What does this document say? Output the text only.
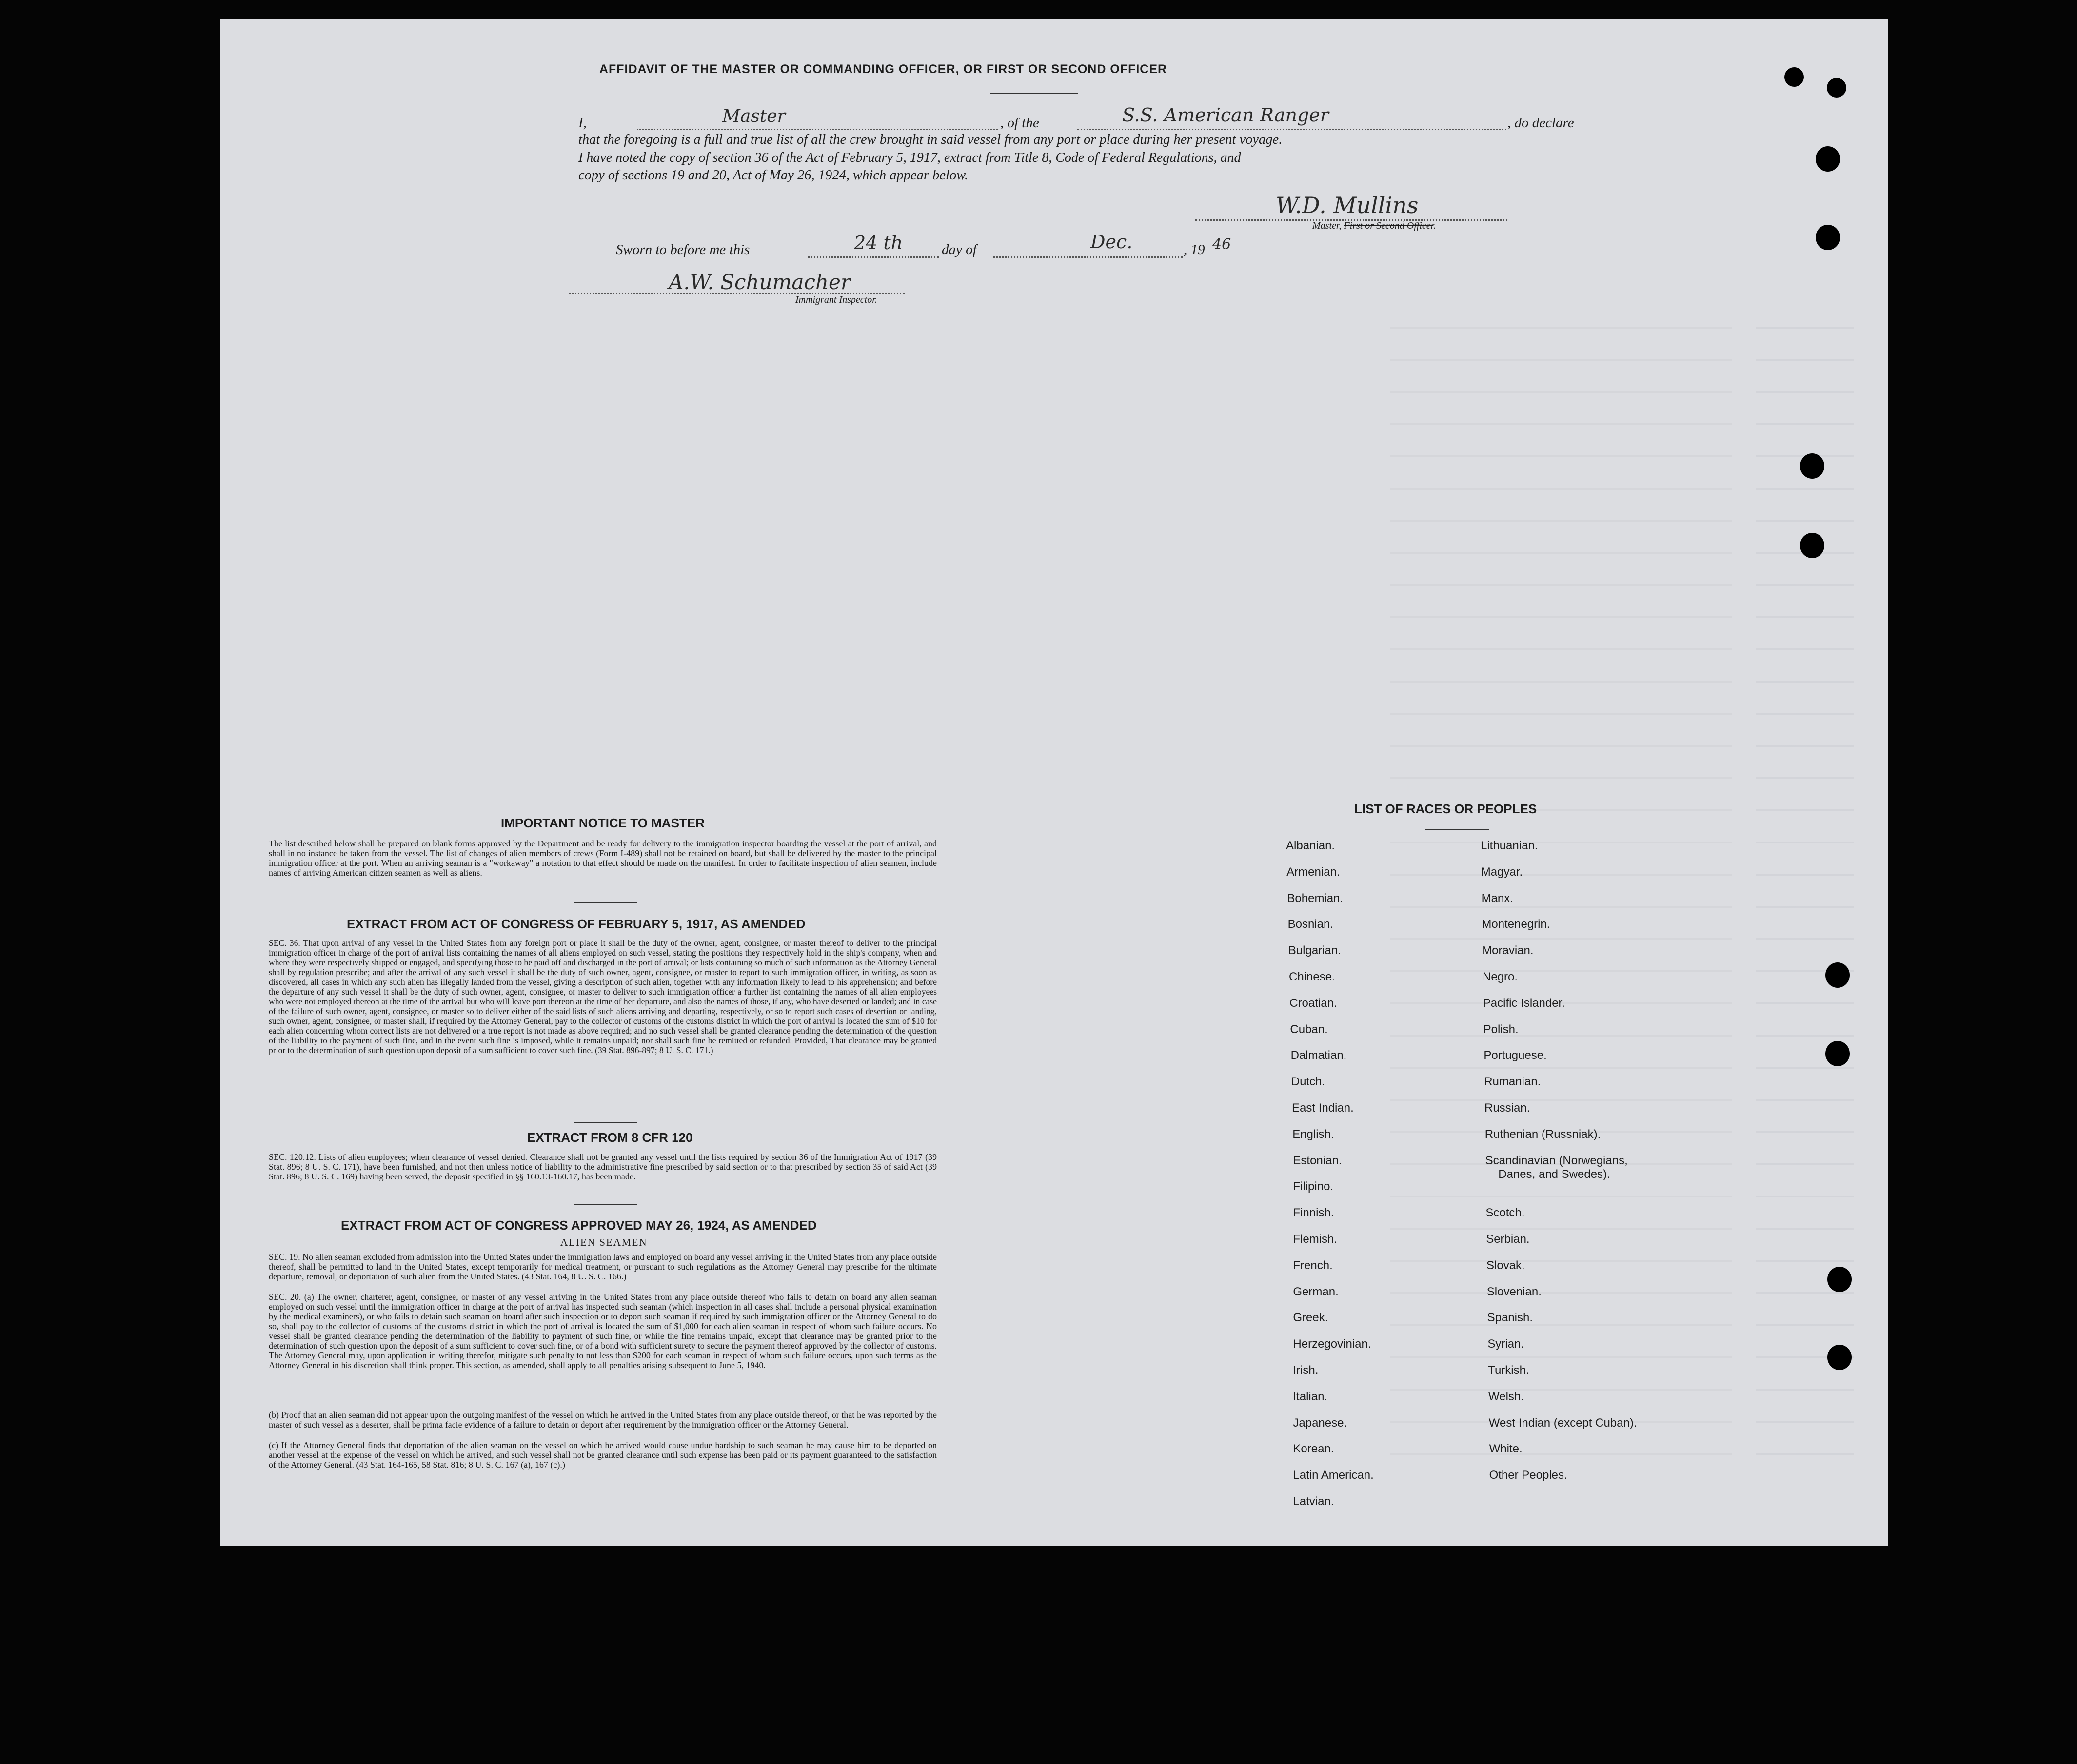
AFFIDAVIT OF THE MASTER OR COMMANDING OFFICER, OR FIRST OR SECOND OFFICER
I,	Master	, of the	S.S. American Ranger	, do declare
that the foregoing is a full and true list of all the crew brought in said vessel from any port or place during her present voyage.
I have noted the copy of section 36 of the Act of February 5, 1917, extract from Title 8, Code of Federal Regulations, and
copy of sections 19 and 20, Act of May 26, 1924, which appear below.
W.D. Mullins
Master, First or Second Officer.
Sworn to before me this	24 th	day of	Dec.	, 19 46
A.W. Schumacher
Immigrant Inspector.
IMPORTANT NOTICE TO MASTER
The list described below shall be prepared on blank forms approved by the Department and be ready for delivery to the immigration inspector boarding the vessel at the port of arrival, and shall in no instance be taken from the vessel. The list of changes of alien members of crews (Form I-489) shall not be retained on board, but shall be delivered by the master to the principal immigration officer at the port. When an arriving seaman is a "workaway" a notation to that effect should be made on the manifest. In order to facilitate inspection of alien seamen, include names of arriving American citizen seamen as well as aliens.
EXTRACT FROM ACT OF CONGRESS OF FEBRUARY 5, 1917, AS AMENDED
SEC. 36. That upon arrival of any vessel in the United States from any foreign port or place it shall be the duty of the owner, agent, consignee, or master thereof to deliver to the principal immigration officer in charge of the port of arrival lists containing the names of all aliens employed on such vessel, stating the positions they respectively hold in the ship's company, when and where they were respectively shipped or engaged, and specifying those to be paid off and discharged in the port of arrival; or lists containing so much of such information as the Attorney General shall by regulation prescribe; and after the arrival of any such vessel it shall be the duty of such owner, agent, consignee, or master to report to such immigration officer, in writing, as soon as discovered, all cases in which any such alien has illegally landed from the vessel, giving a description of such alien, together with any information likely to lead to his apprehension; and before the departure of any such vessel it shall be the duty of such owner, agent, consignee, or master to deliver to such immigration officer a further list containing the names of all alien employees who were not employed thereon at the time of the arrival but who will leave port thereon at the time of her departure, and also the names of those, if any, who have deserted or landed; and in case of the failure of such owner, agent, consignee, or master so to deliver either of the said lists of such aliens arriving and departing, respectively, or so to report such cases of desertion or landing, such owner, agent, consignee, or master shall, if required by the Attorney General, pay to the collector of customs of the customs district in which the port of arrival is located the sum of $10 for each alien concerning whom correct lists are not delivered or a true report is not made as above required; and no such vessel shall be granted clearance pending the determination of the question of the liability to the payment of such fine, and in the event such fine is imposed, while it remains unpaid; nor shall such fine be remitted or refunded: Provided, That clearance may be granted prior to the determination of such question upon deposit of a sum sufficient to cover such fine. (39 Stat. 896-897; 8 U. S. C. 171.)
EXTRACT FROM 8 CFR 120
SEC. 120.12. Lists of alien employees; when clearance of vessel denied. Clearance shall not be granted any vessel until the lists required by section 36 of the Immigration Act of 1917 (39 Stat. 896; 8 U. S. C. 171), have been furnished, and not then unless notice of liability to the administrative fine prescribed by said section or to that prescribed by section 35 of said Act (39 Stat. 896; 8 U. S. C. 169) having been served, the deposit specified in §§ 160.13-160.17, has been made.
EXTRACT FROM ACT OF CONGRESS APPROVED MAY 26, 1924, AS AMENDED
ALIEN SEAMEN
SEC. 19. No alien seaman excluded from admission into the United States under the immigration laws and employed on board any vessel arriving in the United States from any place outside thereof, shall be permitted to land in the United States, except temporarily for medical treatment, or pursuant to such regulations as the Attorney General may prescribe for the ultimate departure, removal, or deportation of such alien from the United States. (43 Stat. 164, 8 U. S. C. 166.)
SEC. 20. (a) The owner, charterer, agent, consignee, or master of any vessel arriving in the United States from any place outside thereof who fails to detain on board any alien seaman employed on such vessel until the immigration officer in charge at the port of arrival has inspected such seaman (which inspection in all cases shall include a personal physical examination by the medical examiners), or who fails to detain such seaman on board after such inspection or to deport such seaman if required by such immigration officer or the Attorney General to do so, shall pay to the collector of customs of the customs district in which the port of arrival is located the sum of $1,000 for each alien seaman in respect of whom such failure occurs. No vessel shall be granted clearance pending the determination of the liability to payment of such fine, or while the fine remains unpaid, except that clearance may be granted prior to the determination of such question upon the deposit of a sum sufficient to cover such fine, or of a bond with sufficient surety to secure the payment thereof approved by the collector of customs. The Attorney General may, upon application in writing therefor, mitigate such penalty to not less than $200 for each seaman in respect of whom such failure occurs, upon such terms as the Attorney General in his discretion shall think proper. This section, as amended, shall apply to all penalties arising subsequent to June 5, 1940.
(b) Proof that an alien seaman did not appear upon the outgoing manifest of the vessel on which he arrived in the United States from any place outside thereof, or that he was reported by the master of such vessel as a deserter, shall be prima facie evidence of a failure to detain or deport after requirement by the immigration officer or the Attorney General.
(c) If the Attorney General finds that deportation of the alien seaman on the vessel on which he arrived would cause undue hardship to such seaman he may cause him to be deported on another vessel at the expense of the vessel on which he arrived, and such vessel shall not be granted clearance until such expense has been paid or its payment guaranteed to the satisfaction of the Attorney General. (43 Stat. 164-165, 58 Stat. 816; 8 U. S. C. 167 (a), 167 (c).)
LIST OF RACES OR PEOPLES
Albanian.
Armenian.
Bohemian.
Bosnian.
Bulgarian.
Chinese.
Croatian.
Cuban.
Dalmatian.
Dutch.
East Indian.
English.
Estonian.
Filipino.
Finnish.
Flemish.
French.
German.
Greek.
Herzegovinian.
Irish.
Italian.
Japanese.
Korean.
Latin American.
Latvian.
Lithuanian.
Magyar.
Manx.
Montenegrin.
Moravian.
Negro.
Pacific Islander.
Polish.
Portuguese.
Rumanian.
Russian.
Ruthenian (Russniak).
Scandinavian (Norwegians,
Danes, and Swedes).
Scotch.
Serbian.
Slovak.
Slovenian.
Spanish.
Syrian.
Turkish.
Welsh.
West Indian (except Cuban).
White.
Other Peoples.
